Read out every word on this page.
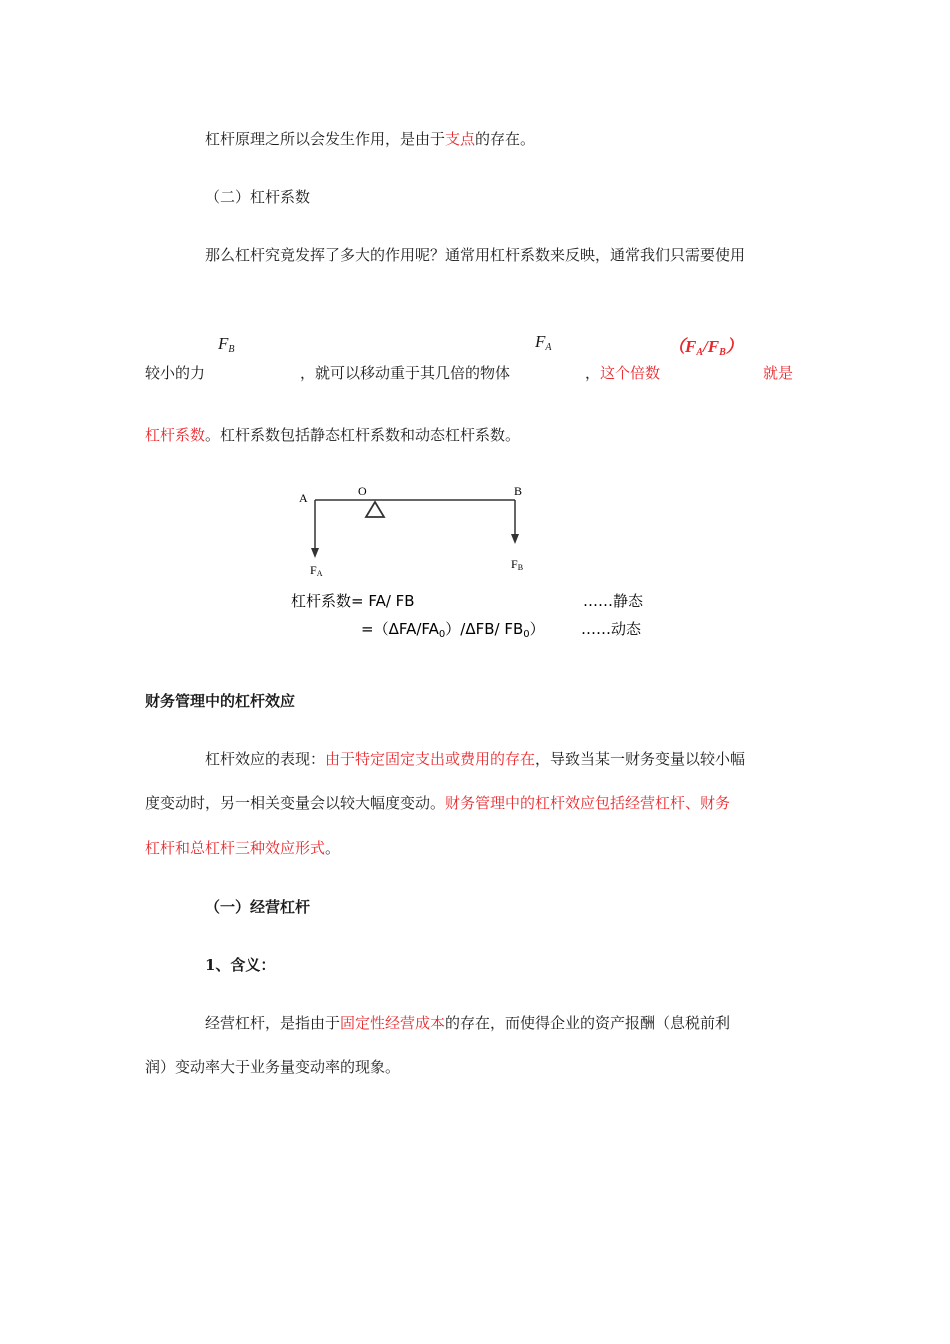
杠杆原理之所以会发生作用，是由于支点的存在。
（二）杠杆系数
那么杠杆究竟发挥了多大的作用呢？通常用杠杆系数来反映，通常我们只需要使用
$F_B$	$F_A$	$(F_A/F_B)$
较小的力	，就可以移动重于其几倍的物体	，这个倍数	就是
杠杆系数。杠杆系数包括静态杠杆系数和动态杠杆系数。
A	O	B
FA
FB
杠杆系数= FA/ FB	……静态
$=(\Delta FA/FA_0)/\Delta FB/$ $FB_0$） ……动态
财务管理中的杠杆效应
杠杆效应的表现：由于特定固定支出或费用的存在，导致当某一财务变量以较小幅
度变动时，另一相关变量会以较大幅度变动。财务管理中的杠杆效应包括经营杠杆、财务
杠杆和总杠杆三种效应形式。
（一）经营杠杆
1、含义：
经营杠杆，是指由于固定性经营成本的存在，而使得企业的资产报酬（息税前利
润）变动率大于业务量变动率的现象。
